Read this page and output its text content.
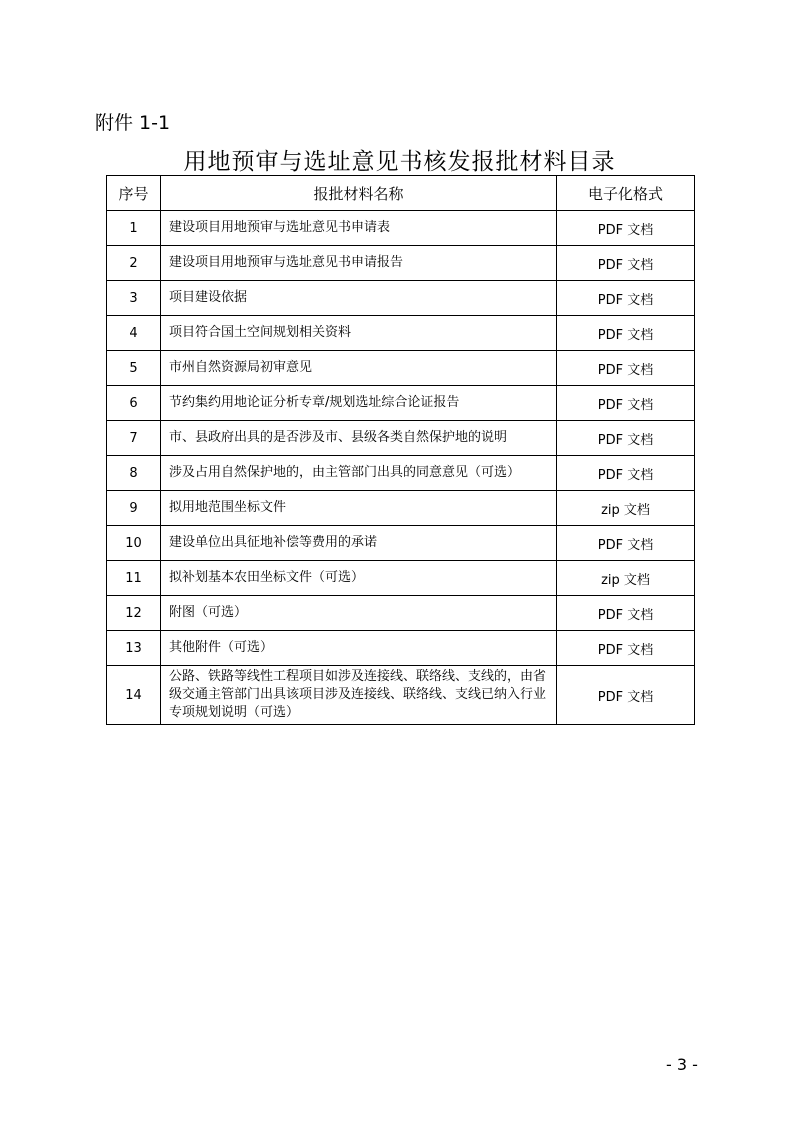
附件 1-1
用地预审与选址意见书核发报批材料目录
序号	报批材料名称	电子化格式
1	建设项目用地预审与选址意见书申请表	PDF 文档
2	建设项目用地预审与选址意见书申请报告	PDF 文档
3	项目建设依据	PDF 文档
4	项目符合国土空间规划相关资料	PDF 文档
5	市州自然资源局初审意见	PDF 文档
6	节约集约用地论证分析专章/规划选址综合论证报告	PDF 文档
7	市、县政府出具的是否涉及市、县级各类自然保护地的说明	PDF 文档
8	涉及占用自然保护地的，由主管部门出具的同意意见（可选）	PDF 文档
9	拟用地范围坐标文件	zip 文档
10	建设单位出具征地补偿等费用的承诺	PDF 文档
11	拟补划基本农田坐标文件（可选）	zip 文档
12	附图（可选）	PDF 文档
13	其他附件（可选）	PDF 文档
14	公路、铁路等线性工程项目如涉及连接线、联络线、支线的，由省级交通主管部门出具该项目涉及连接线、联络线、支线已纳入行业专项规划说明（可选）	PDF 文档
- 3 -
